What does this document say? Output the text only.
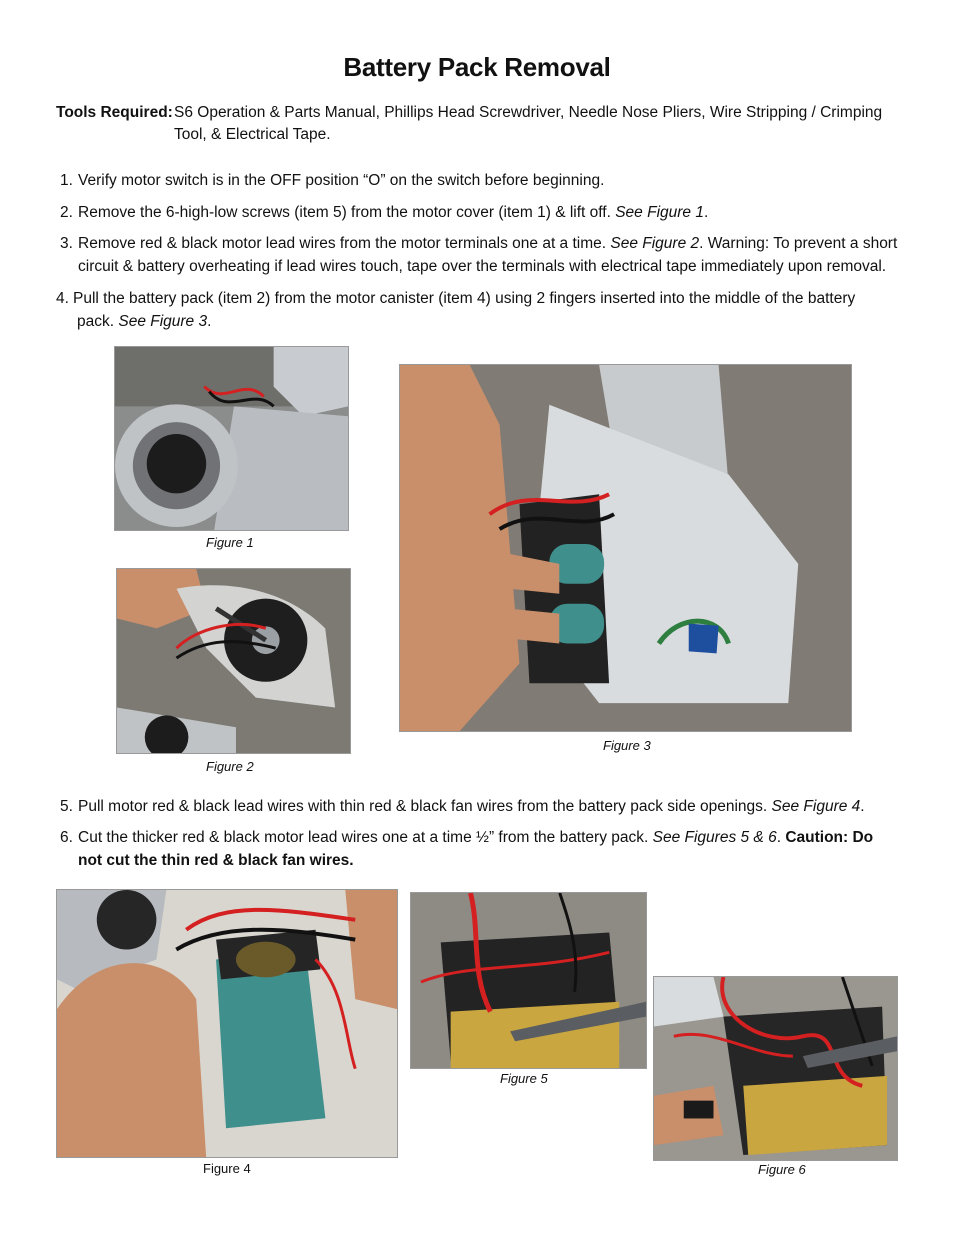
Battery Pack Removal
Tools Required: S6 Operation & Parts Manual, Phillips Head Screwdriver, Needle Nose Pliers, Wire Stripping / Crimping
Tool, & Electrical Tape.
1. Verify motor switch is in the OFF position “O” on the switch before beginning.
2. Remove the 6-high-low screws (item 5) from the motor cover (item 1) & lift off. See Figure 1.
3. Remove red & black motor lead wires from the motor terminals one at a time. See Figure 2. Warning: To prevent a short
circuit & battery overheating if lead wires touch, tape over the terminals with electrical tape immediately upon removal.
4. Pull the battery pack (item 2) from the motor canister (item 4) using 2 fingers inserted into the middle of the battery
pack. See Figure 3.
Figure 1
Figure 2
Figure 3
5. Pull motor red & black lead wires with thin red & black fan wires from the battery pack side openings. See Figure 4.
6. Cut the thicker red & black motor lead wires one at a time ½” from the battery pack. See Figures 5 & 6. Caution: Do
not cut the thin red & black fan wires.
Figure 4
Figure 5
Figure 6
